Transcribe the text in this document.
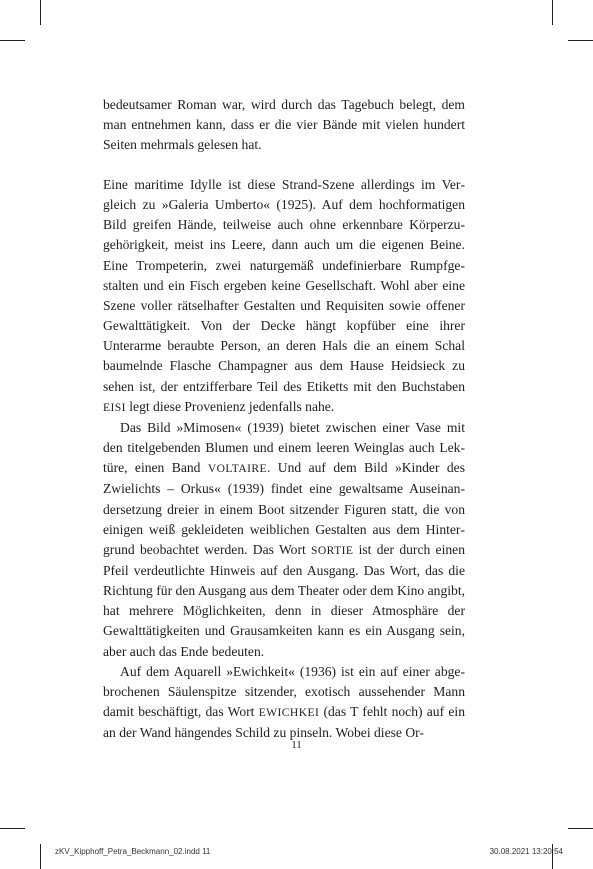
bedeutsamer Roman war, wird durch das Tagebuch belegt, dem man entnehmen kann, dass er die vier Bände mit vielen hundert Seiten mehrmals gelesen hat.

Eine maritime Idylle ist diese Strand-Szene allerdings im Vergleich zu »Galeria Umberto« (1925). Auf dem hochformatigen Bild greifen Hände, teilweise auch ohne erkennbare Körperzugehörigkeit, meist ins Leere, dann auch um die eigenen Beine. Eine Trompeterin, zwei naturgemäß undefinierbare Rumpfgestalten und ein Fisch ergeben keine Gesellschaft. Wohl aber eine Szene voller rätselhafter Gestalten und Requisiten sowie offener Gewalttätigkeit. Von der Decke hängt kopfüber eine ihrer Unterarme beraubte Person, an deren Hals die an einem Schal baumelnde Flasche Champagner aus dem Hause Heidsieck zu sehen ist, der entzifferbare Teil des Etiketts mit den Buchstaben EISI legt diese Provenienz jedenfalls nahe.

Das Bild »Mimosen« (1939) bietet zwischen einer Vase mit den titelgebenden Blumen und einem leeren Weinglas auch Lektüre, einen Band VOLTAIRE. Und auf dem Bild »Kinder des Zwielichts – Orkus« (1939) findet eine gewaltsame Auseinandersetzung dreier in einem Boot sitzender Figuren statt, die von einigen weiß gekleideten weiblichen Gestalten aus dem Hintergrund beobachtet werden. Das Wort SORTIE ist der durch einen Pfeil verdeutlichte Hinweis auf den Ausgang. Das Wort, das die Richtung für den Ausgang aus dem Theater oder dem Kino angibt, hat mehrere Möglichkeiten, denn in dieser Atmosphäre der Gewalttätigkeiten und Grausamkeiten kann es ein Ausgang sein, aber auch das Ende bedeuten.

Auf dem Aquarell »Ewichkeit« (1936) ist ein auf einer abgebrochenen Säulenspitze sitzender, exotisch aussehender Mann damit beschäftigt, das Wort EWICHKEI (das T fehlt noch) auf ein an der Wand hängendes Schild zu pinseln. Wobei diese Or-

11
zKV_Kipphoff_Petra_Beckmann_02.indd 11	30.08.2021 13:20:54
